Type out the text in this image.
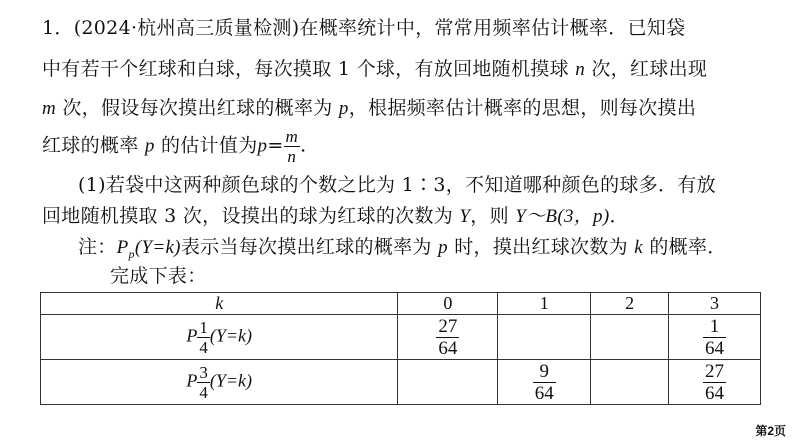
1．(2024·杭州高三质量检测)在概率统计中，常常用频率估计概率．已知袋
中有若干个红球和白球，每次摸取 1 个球，有放回地随机摸球 n 次，红球出现
m 次，假设每次摸出红球的概率为 p，根据频率估计概率的思想，则每次摸出
红球的概率 p 的估计值为$p= \frac{m}{n}$ .
(1)若袋中这两种颜色球的个数之比为 1∶3，不知道哪种颜色的球多．有放
回地随机摸取 3 次，设摸出的球为红球的次数为 Y，则 Y～B(3，p)．
注：$P_p(Y=k)$表示当每次摸出红球的概率为 p 时，摸出红球次数为 k 的概率．
完成下表：
k	0	1	2	3
P $\frac{1}{4} (Y=k)$	$\frac{27}{64}$			$\frac{1}{64}$

P $\frac{3}{4} (Y=k)$		$\frac{9}{64}$		$\frac{27}{64}$
第2页
